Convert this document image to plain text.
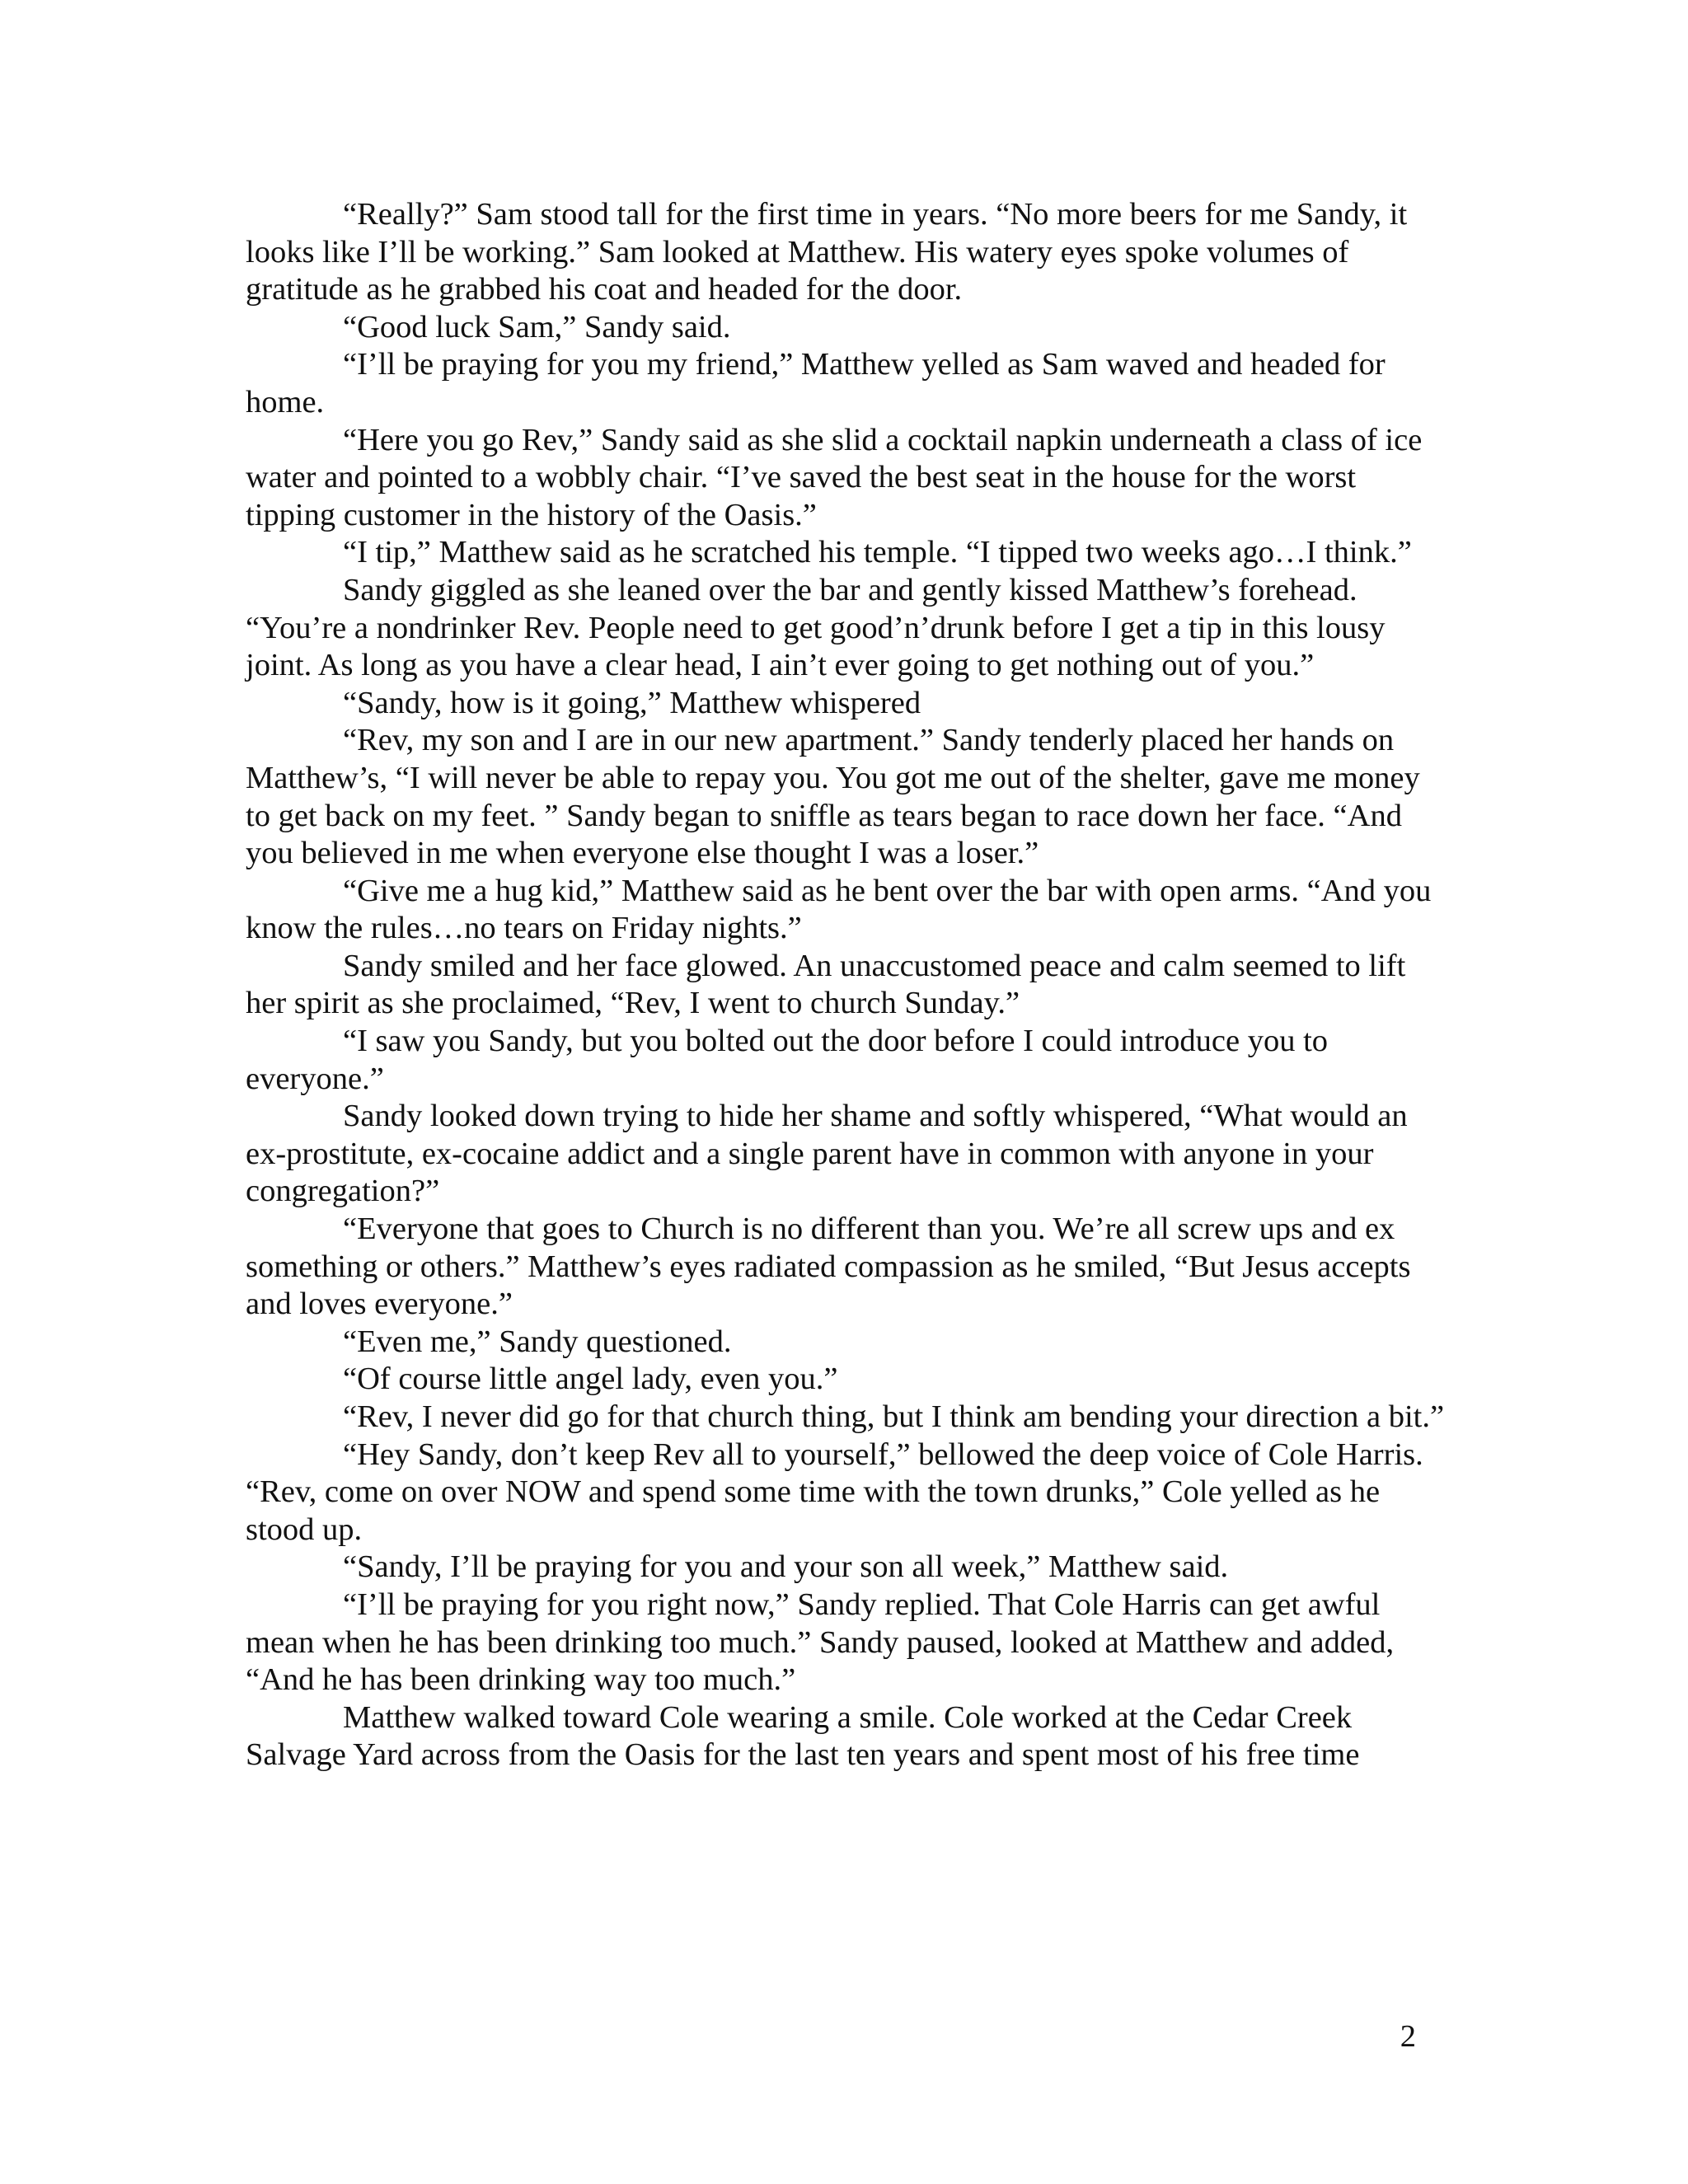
“Really?” Sam stood tall for the first time in years. “No more beers for me Sandy, it looks like I’ll be working.” Sam looked at Matthew. His watery eyes spoke volumes of gratitude as he grabbed his coat and headed for the door.

“Good luck Sam,” Sandy said.

“I’ll be praying for you my friend,” Matthew yelled as Sam waved and headed for home.

“Here you go Rev,” Sandy said as she slid a cocktail napkin underneath a class of ice water and pointed to a wobbly chair. “I’ve saved the best seat in the house for the worst tipping customer in the history of the Oasis.”

“I tip,” Matthew said as he scratched his temple. “I tipped two weeks ago…I think.”

Sandy giggled as she leaned over the bar and gently kissed Matthew’s forehead. “You’re a nondrinker Rev. People need to get good’n’drunk before I get a tip in this lousy joint. As long as you have a clear head, I ain’t ever going to get nothing out of you.”

“Sandy, how is it going,” Matthew whispered

“Rev, my son and I are in our new apartment.” Sandy tenderly placed her hands on Matthew’s, “I will never be able to repay you. You got me out of the shelter, gave me money to get back on my feet. ” Sandy began to sniffle as tears began to race down her face. “And you believed in me when everyone else thought I was a loser.”

“Give me a hug kid,” Matthew said as he bent over the bar with open arms. “And you know the rules…no tears on Friday nights.”

Sandy smiled and her face glowed. An unaccustomed peace and calm seemed to lift her spirit as she proclaimed, “Rev, I went to church Sunday.”

“I saw you Sandy, but you bolted out the door before I could introduce you to everyone.”

Sandy looked down trying to hide her shame and softly whispered, “What would an ex-prostitute, ex-cocaine addict and a single parent have in common with anyone in your congregation?”

“Everyone that goes to Church is no different than you. We’re all screw ups and ex something or others.” Matthew’s eyes radiated compassion as he smiled, “But Jesus accepts and loves everyone.”

“Even me,” Sandy questioned.

“Of course little angel lady, even you.”

“Rev, I never did go for that church thing, but I think am bending your direction a bit.”

“Hey Sandy, don’t keep Rev all to yourself,” bellowed the deep voice of Cole Harris. “Rev, come on over NOW and spend some time with the town drunks,” Cole yelled as he stood up.

“Sandy, I’ll be praying for you and your son all week,” Matthew said.

“I’ll be praying for you right now,” Sandy replied. That Cole Harris can get awful mean when he has been drinking too much.” Sandy paused, looked at Matthew and added, “And he has been drinking way too much.”

Matthew walked toward Cole wearing a smile. Cole worked at the Cedar Creek Salvage Yard across from the Oasis for the last ten years and spent most of his free time

2
